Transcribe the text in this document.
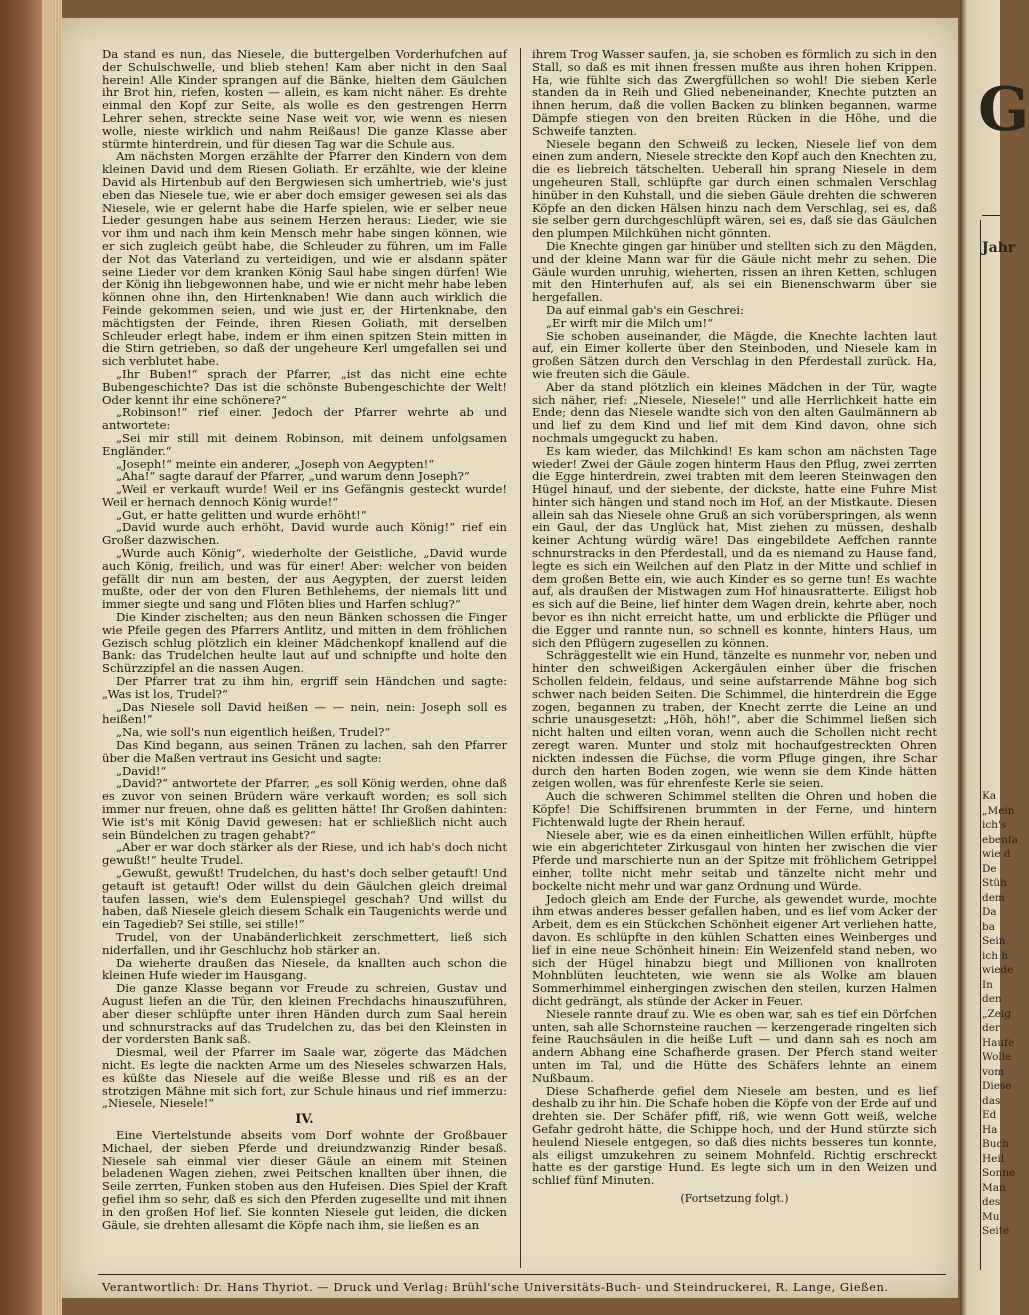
Da stand es nun, das Niesele, die buttergelben Vorderhufchen auf der Schulschwelle, und blieb stehen! Kam aber nicht in den Saal herein! Alle Kinder sprangen auf die Bänke, hielten dem Gäulchen ihr Brot hin, riefen, kosten — allein, es kam nicht näher. Es drehte einmal den Kopf zur Seite, als wolle es den gestrengen Herrn Lehrer sehen, streckte seine Nase weit vor, wie wenn es niesen wolle, nieste wirklich und nahm Reißaus! Die ganze Klasse aber stürmte hinterdrein, und für diesen Tag war die Schule aus.

Am nächsten Morgen erzählte der Pfarrer den Kindern von dem kleinen David und dem Riesen Goliath. Er erzählte, wie der kleine David als Hirtenbub auf den Bergwiesen sich umhertrieb, wie's just eben das Niesele tue, wie er aber doch emsiger gewesen sei als das Niesele, wie er gelernt habe die Harfe spielen, wie er selber neue Lieder gesungen habe aus seinem Herzen heraus: Lieder, wie sie vor ihm und nach ihm kein Mensch mehr habe singen können, wie er sich zugleich geübt habe, die Schleuder zu führen, um im Falle der Not das Vaterland zu verteidigen, und wie er alsdann später seine Lieder vor dem kranken König Saul habe singen dürfen! Wie der König ihn liebgewonnen habe, und wie er nicht mehr habe leben können ohne ihn, den Hirtenknaben! Wie dann auch wirklich die Feinde gekommen seien, und wie just er, der Hirtenknabe, den mächtigsten der Feinde, ihren Riesen Goliath, mit derselben Schleuder erlegt habe, indem er ihm einen spitzen Stein mitten in die Stirn getrieben, so daß der ungeheure Kerl umgefallen sei und sich verblutet habe.

„Ihr Buben!“ sprach der Pfarrer, „ist das nicht eine echte Bubengeschichte? Das ist die schönste Bubengeschichte der Welt! Oder kennt ihr eine schönere?“

„Robinson!“ rief einer. Jedoch der Pfarrer wehrte ab und antwortete:

„Sei mir still mit deinem Robinson, mit deinem unfolgsamen Engländer.“

„Joseph!“ meinte ein anderer, „Joseph von Aegypten!“

„Aha!“ sagte darauf der Pfarrer, „und warum denn Joseph?“

„Weil er verkauft wurde! Weil er ins Gefängnis gesteckt wurde! Weil er hernach dennoch König wurde!“

„Gut, er hatte gelitten und wurde erhöht!“

„David wurde auch erhöht, David wurde auch König!“ rief ein Großer dazwischen.

„Wurde auch König“, wiederholte der Geistliche, „David wurde auch König, freilich, und was für einer! Aber: welcher von beiden gefällt dir nun am besten, der aus Aegypten, der zuerst leiden mußte, oder der von den Fluren Bethlehems, der niemals litt und immer siegte und sang und Flöten blies und Harfen schlug?“

Die Kinder zischelten; aus den neun Bänken schossen die Finger wie Pfeile gegen des Pfarrers Antlitz, und mitten in dem fröhlichen Gezisch schlug plötzlich ein kleiner Mädchenkopf knallend auf die Bank: das Trudelchen heulte laut auf und schnipfte und holte den Schürzzipfel an die nassen Augen.

Der Pfarrer trat zu ihm hin, ergriff sein Händchen und sagte: „Was ist los, Trudel?“

„Das Niesele soll David heißen — — nein, nein: Joseph soll es heißen!“

„Na, wie soll's nun eigentlich heißen, Trudel?“

Das Kind begann, aus seinen Tränen zu lachen, sah den Pfarrer über die Maßen vertraut ins Gesicht und sagte:

„David!“

„David?“ antwortete der Pfarrer, „es soll König werden, ohne daß es zuvor von seinen Brüdern wäre verkauft worden; es soll sich immer nur freuen, ohne daß es gelitten hätte! Ihr Großen dahinten: Wie ist's mit König David gewesen: hat er schließlich nicht auch sein Bündelchen zu tragen gehabt?“

„Aber er war doch stärker als der Riese, und ich hab's doch nicht gewußt!“ heulte Trudel.

„Gewußt, gewußt! Trudelchen, du hast's doch selber getauft! Und getauft ist getauft! Oder willst du dein Gäulchen gleich dreimal taufen lassen, wie's dem Eulenspiegel geschah? Und willst du haben, daß Niesele gleich diesem Schalk ein Taugenichts werde und ein Tagedieb? Sei stille, sei stille!“

Trudel, von der Unabänderlichkeit zerschmettert, ließ sich niderfallen, und ihr Geschluchz hob stärker an.

Da wieherte draußen das Niesele, da knallten auch schon die kleinen Hufe wieder im Hausgang.

Die ganze Klasse begann vor Freude zu schreien, Gustav und August liefen an die Tür, den kleinen Frechdachs hinauszuführen, aber dieser schlüpfte unter ihren Händen durch zum Saal herein und schnurstracks auf das Trudelchen zu, das bei den Kleinsten in der vordersten Bank saß.

Diesmal, weil der Pfarrer im Saale war, zögerte das Mädchen nicht. Es legte die nackten Arme um des Nieseles schwarzen Hals, es küßte das Niesele auf die weiße Blesse und riß es an der strotzigen Mähne mit sich fort, zur Schule hinaus und rief immerzu: „Niesele, Niesele!“

IV.

Eine Viertelstunde abseits vom Dorf wohnte der Großbauer Michael, der sieben Pferde und dreiundzwanzig Rinder besaß. Niesele sah einmal vier dieser Gäule an einem mit Steinen beladenen Wagen ziehen, zwei Peitschen knallten über ihnen, die Seile zerrten, Funken stoben aus den Hufeisen. Dies Spiel der Kraft gefiel ihm so sehr, daß es sich den Pferden zugesellte und mit ihnen in den großen Hof lief. Sie konnten Niesele gut leiden, die dicken Gäule, sie drehten allesamt die Köpfe nach ihm, sie ließen es an

ihrem Trog Wasser saufen, ja, sie schoben es förmlich zu sich in den Stall, so daß es mit ihnen fressen mußte aus ihren hohen Krippen. Ha, wie fühlte sich das Zwergfüllchen so wohl! Die sieben Kerle standen da in Reih und Glied nebeneinander, Knechte putzten an ihnen herum, daß die vollen Backen zu blinken begannen, warme Dämpfe stiegen von den breiten Rücken in die Höhe, und die Schweife tanzten.

Niesele begann den Schweiß zu lecken, Niesele lief von dem einen zum andern, Niesele streckte den Kopf auch den Knechten zu, die es liebreich tätschelten. Ueberall hin sprang Niesele in dem ungeheuren Stall, schlüpfte gar durch einen schmalen Verschlag hinüber in den Kuhstall, und die sieben Gäule drehten die schweren Köpfe an den dicken Hälsen hinzu nach dem Verschlag, sei es, daß sie selber gern durchgeschlüpft wären, sei es, daß sie das Gäulchen den plumpen Milchkühen nicht gönnten.

Die Knechte gingen gar hinüber und stellten sich zu den Mägden, und der kleine Mann war für die Gäule nicht mehr zu sehen. Die Gäule wurden unruhig, wieherten, rissen an ihren Ketten, schlugen mit den Hinterhufen auf, als sei ein Bienenschwarm über sie hergefallen.

Da auf einmal gab's ein Geschrei:

„Er wirft mir die Milch um!“

Sie schoben auseinander, die Mägde, die Knechte lachten laut auf, ein Eimer kollerte über den Steinboden, und Niesele kam in großen Sätzen durch den Verschlag in den Pferdestall zurück. Ha, wie freuten sich die Gäule.

Aber da stand plötzlich ein kleines Mädchen in der Tür, wagte sich näher, rief: „Niesele, Niesele!“ und alle Herrlichkeit hatte ein Ende; denn das Niesele wandte sich von den alten Gaulmännern ab und lief zu dem Kind und lief mit dem Kind davon, ohne sich nochmals umgeguckt zu haben.

Es kam wieder, das Milchkind! Es kam schon am nächsten Tage wieder! Zwei der Gäule zogen hinterm Haus den Pflug, zwei zerrten die Egge hinterdrein, zwei trabten mit dem leeren Steinwagen den Hügel hinauf, und der siebente, der dickste, hatte eine Fuhre Mist hinter sich hängen und stand noch im Hof, an der Mistkaute. Diesen allein sah das Niesele ohne Gruß an sich vorüberspringen, als wenn ein Gaul, der das Unglück hat, Mist ziehen zu müssen, deshalb keiner Achtung würdig wäre! Das eingebildete Aeffchen rannte schnurstracks in den Pferdestall, und da es niemand zu Hause fand, legte es sich ein Weilchen auf den Platz in der Mitte und schlief in dem großen Bette ein, wie auch Kinder es so gerne tun! Es wachte auf, als draußen der Mistwagen zum Hof hinausratterte. Eiligst hob es sich auf die Beine, lief hinter dem Wagen drein, kehrte aber, noch bevor es ihn nicht erreicht hatte, um und erblickte die Pflüger und die Egger und rannte nun, so schnell es konnte, hinters Haus, um sich den Pflügern zugesellen zu können.

Schräggestellt wie ein Hund, tänzelte es nunmehr vor, neben und hinter den schweißigen Ackergäulen einher über die frischen Schollen feldein, feldaus, und seine aufstarrende Mähne bog sich schwer nach beiden Seiten. Die Schimmel, die hinterdrein die Egge zogen, begannen zu traben, der Knecht zerrte die Leine an und schrie unausgesetzt: „Höh, höh!“, aber die Schimmel ließen sich nicht halten und eilten voran, wenn auch die Schollen nicht recht zeregt waren. Munter und stolz mit hochaufgestreckten Ohren nickten indessen die Füchse, die vorm Pfluge gingen, ihre Schar durch den harten Boden zogen, wie wenn sie dem Kinde hätten zeigen wollen, was für ehrenfeste Kerle sie seien.

Auch die schweren Schimmel stellten die Ohren und hoben die Köpfe! Die Schiffsirenen brummten in der Ferne, und hintern Fichtenwald lugte der Rhein herauf.

Niesele aber, wie es da einen einheitlichen Willen erfühlt, hüpfte wie ein abgerichteter Zirkusgaul von hinten her zwischen die vier Pferde und marschierte nun an der Spitze mit fröhlichem Getrippel einher, tollte nicht mehr seitab und tänzelte nicht mehr und bockelte nicht mehr und war ganz Ordnung und Würde.

Jedoch gleich am Ende der Furche, als gewendet wurde, mochte ihm etwas anderes besser gefallen haben, und es lief vom Acker der Arbeit, dem es ein Stückchen Schönheit eigener Art verliehen hatte, davon. Es schlüpfte in den kühlen Schatten eines Weinberges und lief in eine neue Schönheit hinein: Ein Weizenfeld stand neben, wo sich der Hügel hinabzu biegt und Millionen von knallroten Mohnblüten leuchteten, wie wenn sie als Wolke am blauen Sommerhimmel einhergingen zwischen den steilen, kurzen Halmen dicht gedrängt, als stünde der Acker in Feuer.

Niesele rannte drauf zu. Wie es oben war, sah es tief ein Dörfchen unten, sah alle Schornsteine rauchen — kerzengerade ringelten sich feine Rauchsäulen in die heiße Luft — und dann sah es noch am andern Abhang eine Schafherde grasen. Der Pferch stand weiter unten im Tal, und die Hütte des Schäfers lehnte an einem Nußbaum.

Diese Schafherde gefiel dem Niesele am besten, und es lief deshalb zu ihr hin. Die Schafe hoben die Köpfe von der Erde auf und drehten sie. Der Schäfer pfiff, riß, wie wenn Gott weiß, welche Gefahr gedroht hätte, die Schippe hoch, und der Hund stürzte sich heulend Niesele entgegen, so daß dies nichts besseres tun konnte, als eiligst umzukehren zu seinem Mohnfeld. Richtig erschreckt hatte es der garstige Hund. Es legte sich um in den Weizen und schlief fünf Minuten.

(Fortsetzung folgt.)
Verantwortlich: Dr. Hans Thyriot. — Druck und Verlag: Brühl'sche Universitäts-Buch- und Steindruckerei, R. Lange, Gießen.
G
Jahr
Ka
„Mein
ich's
ebenfa
wie d
De
Stüh
dem
Da
ba
Sein
ich h
wiede
In
den
„Zeig
der
Haufe
Wolle
vom
Diese
das
Ed
Ha
Buch
Heil
Sonne
Man
des
Mu
Seite
